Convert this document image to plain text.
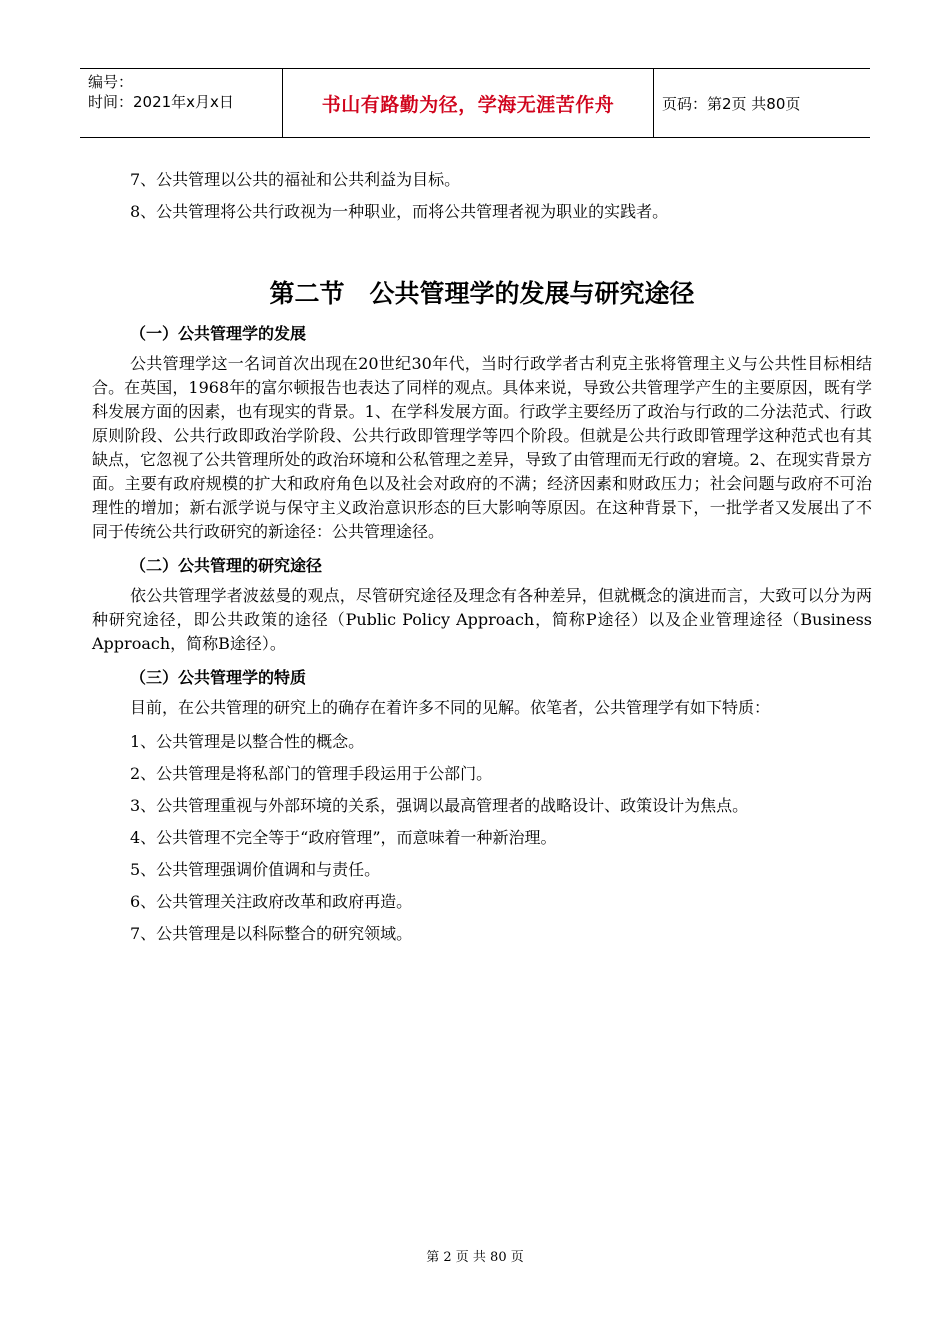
编号：
时间：2021年x月x日	书山有路勤为径，学海无涯苦作舟	页码：第2页 共80页

7、公共管理以公共的福祉和公共利益为目标。

8、公共管理将公共行政视为一种职业，而将公共管理者视为职业的实践者。

第二节　公共管理学的发展与研究途径
（一）公共管理学的发展

公共管理学这一名词首次出现在20世纪30年代，当时行政学者古利克主张将管理主义与公共性目标相结合。在英国，1968年的富尔顿报告也表达了同样的观点。具体来说，导致公共管理学产生的主要原因，既有学科发展方面的因素，也有现实的背景。1、在学科发展方面。行政学主要经历了政治与行政的二分法范式、行政原则阶段、公共行政即政治学阶段、公共行政即管理学等四个阶段。但就是公共行政即管理学这种范式也有其缺点，它忽视了公共管理所处的政治环境和公私管理之差异，导致了由管理而无行政的窘境。2、在现实背景方面。主要有政府规模的扩大和政府角色以及社会对政府的不满；经济因素和财政压力；社会问题与政府不可治理性的增加；新右派学说与保守主义政治意识形态的巨大影响等原因。在这种背景下，一批学者又发展出了不同于传统公共行政研究的新途径：公共管理途径。

（二）公共管理的研究途径

依公共管理学者波兹曼的观点，尽管研究途径及理念有各种差异，但就概念的演进而言，大致可以分为两种研究途径，即公共政策的途径（Public Policy Approach，简称P途径）以及企业管理途径（Business Approach，简称B途径）。

（三）公共管理学的特质

目前，在公共管理的研究上的确存在着许多不同的见解。依笔者，公共管理学有如下特质：

1、公共管理是以整合性的概念。

2、公共管理是将私部门的管理手段运用于公部门。

3、公共管理重视与外部环境的关系，强调以最高管理者的战略设计、政策设计为焦点。

4、公共管理不完全等于“政府管理”，而意味着一种新治理。

5、公共管理强调价值调和与责任。

6、公共管理关注政府改革和政府再造。

7、公共管理是以科际整合的研究领域。

第 2 页 共 80 页
